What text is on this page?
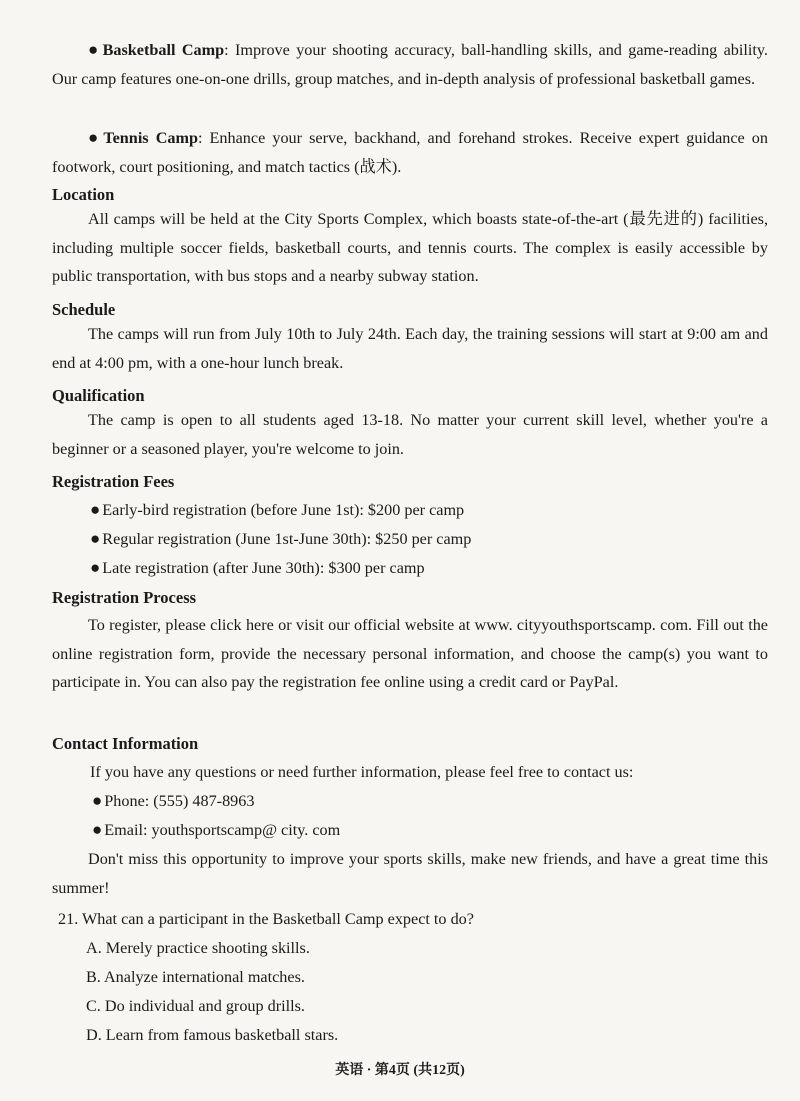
● Basketball Camp: Improve your shooting accuracy, ball-handling skills, and game-reading ability. Our camp features one-on-one drills, group matches, and in-depth analysis of professional basketball games.

● Tennis Camp: Enhance your serve, backhand, and forehand strokes. Receive expert guidance on footwork, court positioning, and match tactics (战术).

Location

All camps will be held at the City Sports Complex, which boasts state-of-the-art (最先进的) facilities, including multiple soccer fields, basketball courts, and tennis courts. The complex is easily accessible by public transportation, with bus stops and a nearby subway station.

Schedule

The camps will run from July 10th to July 24th. Each day, the training sessions will start at 9:00 am and end at 4:00 pm, with a one-hour lunch break.

Qualification

The camp is open to all students aged 13-18. No matter your current skill level, whether you're a beginner or a seasoned player, you're welcome to join.

Registration Fees

● Early-bird registration (before June 1st): $200 per camp

● Regular registration (June 1st-June 30th): $250 per camp

● Late registration (after June 30th): $300 per camp

Registration Process

To register, please click here or visit our official website at www. cityyouthsportscamp. com. Fill out the online registration form, provide the necessary personal information, and choose the camp(s) you want to participate in. You can also pay the registration fee online using a credit card or PayPal.

Contact Information

If you have any questions or need further information, please feel free to contact us:

● Phone: (555) 487-8963

● Email: youthsportscamp@ city. com

Don't miss this opportunity to improve your sports skills, make new friends, and have a great time this summer!

21. What can a participant in the Basketball Camp expect to do?

A. Merely practice shooting skills.

B. Analyze international matches.

C. Do individual and group drills.

D. Learn from famous basketball stars.

英语 · 第4页 (共12页)
